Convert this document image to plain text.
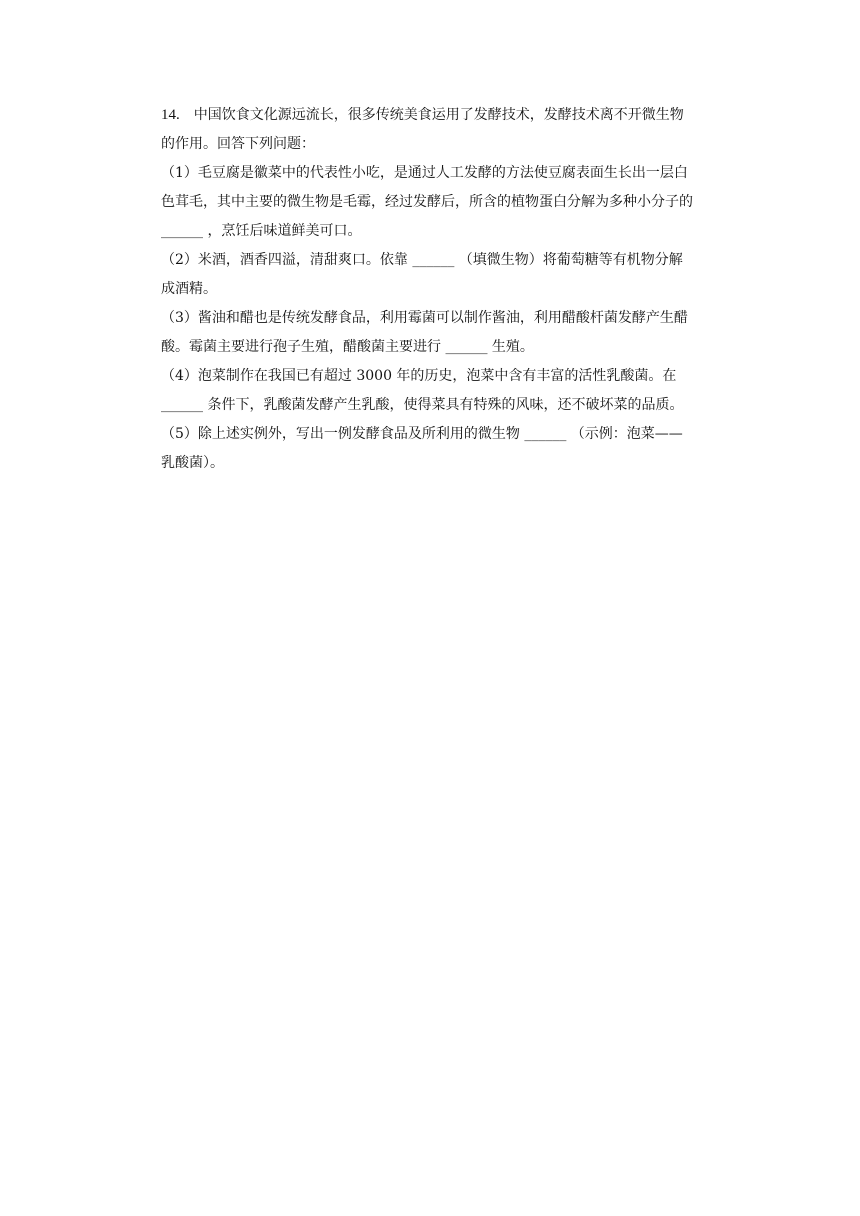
14. 中国饮食文化源远流长，很多传统美食运用了发酵技术，发酵技术离不开微生物
的作用。回答下列问题：
（1）毛豆腐是徽菜中的代表性小吃，是通过人工发酵的方法使豆腐表面生长出一层白
色茸毛，其中主要的微生物是毛霉，经过发酵后，所含的植物蛋白分解为多种小分子的
______ ，烹饪后味道鲜美可口。
（2）米酒，酒香四溢，清甜爽口。依靠 ______ （填微生物）将葡萄糖等有机物分解
成酒精。
（3）酱油和醋也是传统发酵食品，利用霉菌可以制作酱油，利用醋酸杆菌发酵产生醋
酸。霉菌主要进行孢子生殖，醋酸菌主要进行 ______ 生殖。
（4）泡菜制作在我国已有超过 3000 年的历史，泡菜中含有丰富的活性乳酸菌。在
______ 条件下，乳酸菌发酵产生乳酸，使得菜具有特殊的风味，还不破坏菜的品质。
（5）除上述实例外，写出一例发酵食品及所利用的微生物 ______ （示例：泡菜——
乳酸菌）。
